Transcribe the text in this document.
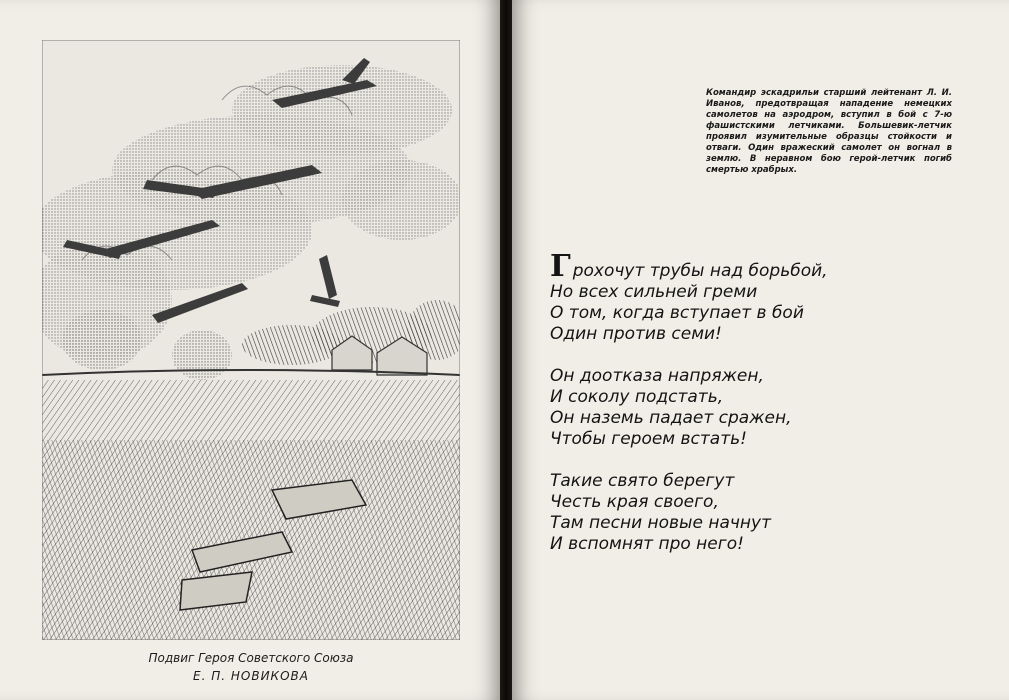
Подвиг Героя Советского Союза
Е. П. НОВИКОВА
Командир эскадрильи старший лейтенант Л. И. Иванов, предотвращая нападение немецких самолетов на аэродром, вступил в бой с 7-ю фашистскими летчиками. Большевик-летчик проявил изумительные образцы стойкости и отваги. Один вражеский самолет он вогнал в землю. В неравном бою герой-летчик погиб смертью храбрых.
Грохочут трубы над борьбой,
Но всех сильней греми
О том, когда вступает в бой
Один против семи!
Он доотказа напряжен,
И соколу подстать,
Он наземь падает сражен,
Чтобы героем встать!
Такие свято берегут
Честь края своего,
Там песни новые начнут
И вспомнят про него!
